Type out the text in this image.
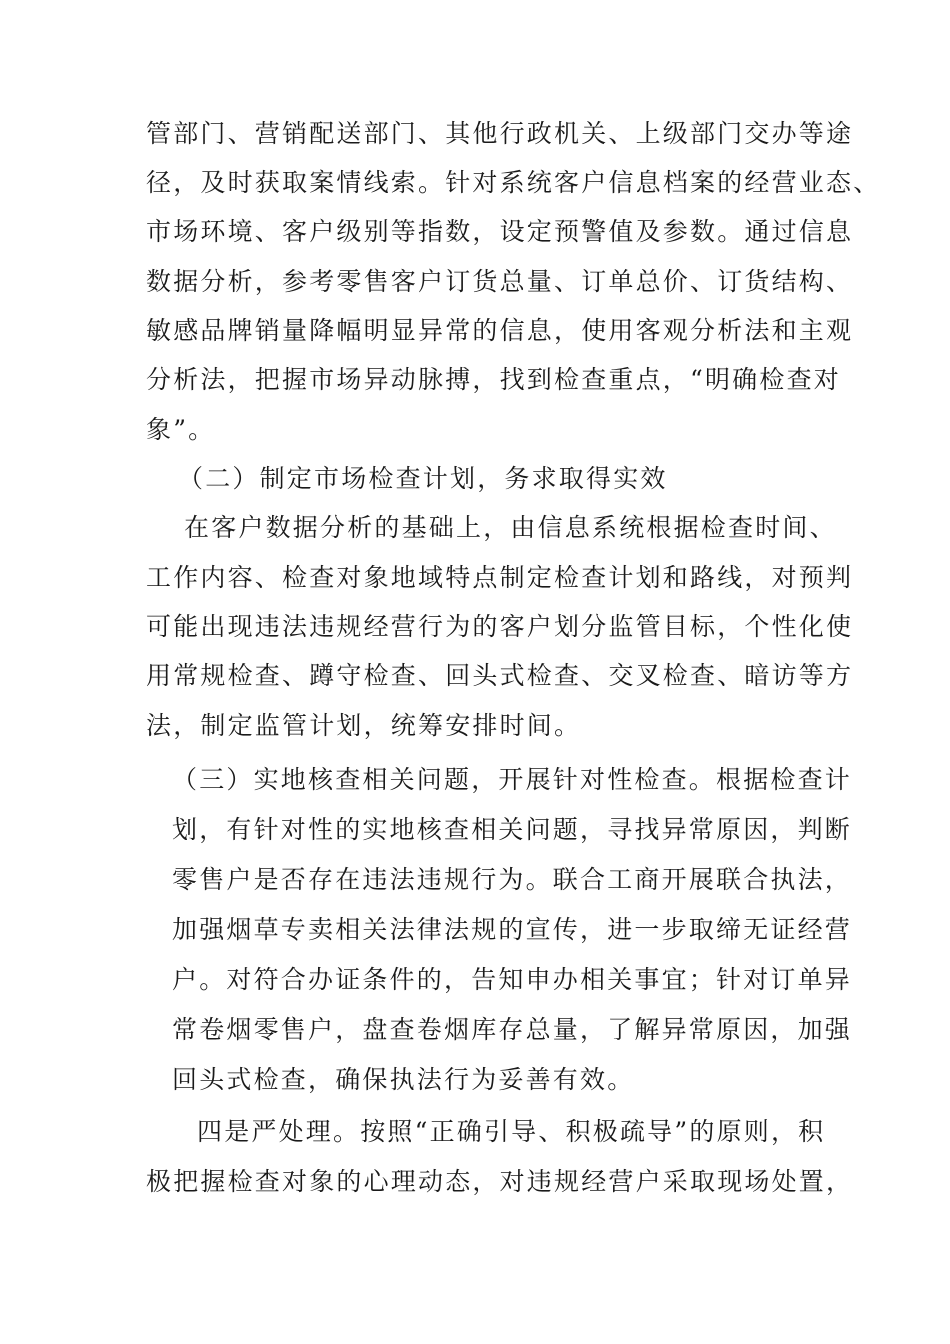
管部门、营销配送部门、其他行政机关、上级部门交办等途

径，及时获取案情线索。针对系统客户信息档案的经营业态、

市场环境、客户级别等指数，设定预警值及参数。通过信息

数据分析，参考零售客户订货总量、订单总价、订货结构、

敏感品牌销量降幅明显异常的信息，使用客观分析法和主观

分析法，把握市场异动脉搏，找到检查重点，“明确检查对

象”。

（二）制定市场检查计划，务求取得实效

在客户数据分析的基础上，由信息系统根据检查时间、

工作内容、检查对象地域特点制定检查计划和路线，对预判

可能出现违法违规经营行为的客户划分监管目标，个性化使

用常规检查、蹲守检查、回头式检查、交叉检查、暗访等方

法，制定监管计划，统筹安排时间。

（三）实地核查相关问题，开展针对性检查。根据检查计

划，有针对性的实地核查相关问题，寻找异常原因，判断

零售户是否存在违法违规行为。联合工商开展联合执法，

加强烟草专卖相关法律法规的宣传，进一步取缔无证经营

户。对符合办证条件的，告知申办相关事宜；针对订单异

常卷烟零售户，盘查卷烟库存总量，了解异常原因，加强

回头式检查，确保执法行为妥善有效。

四是严处理。按照“正确引导、积极疏导”的原则，积

极把握检查对象的心理动态，对违规经营户采取现场处置，
